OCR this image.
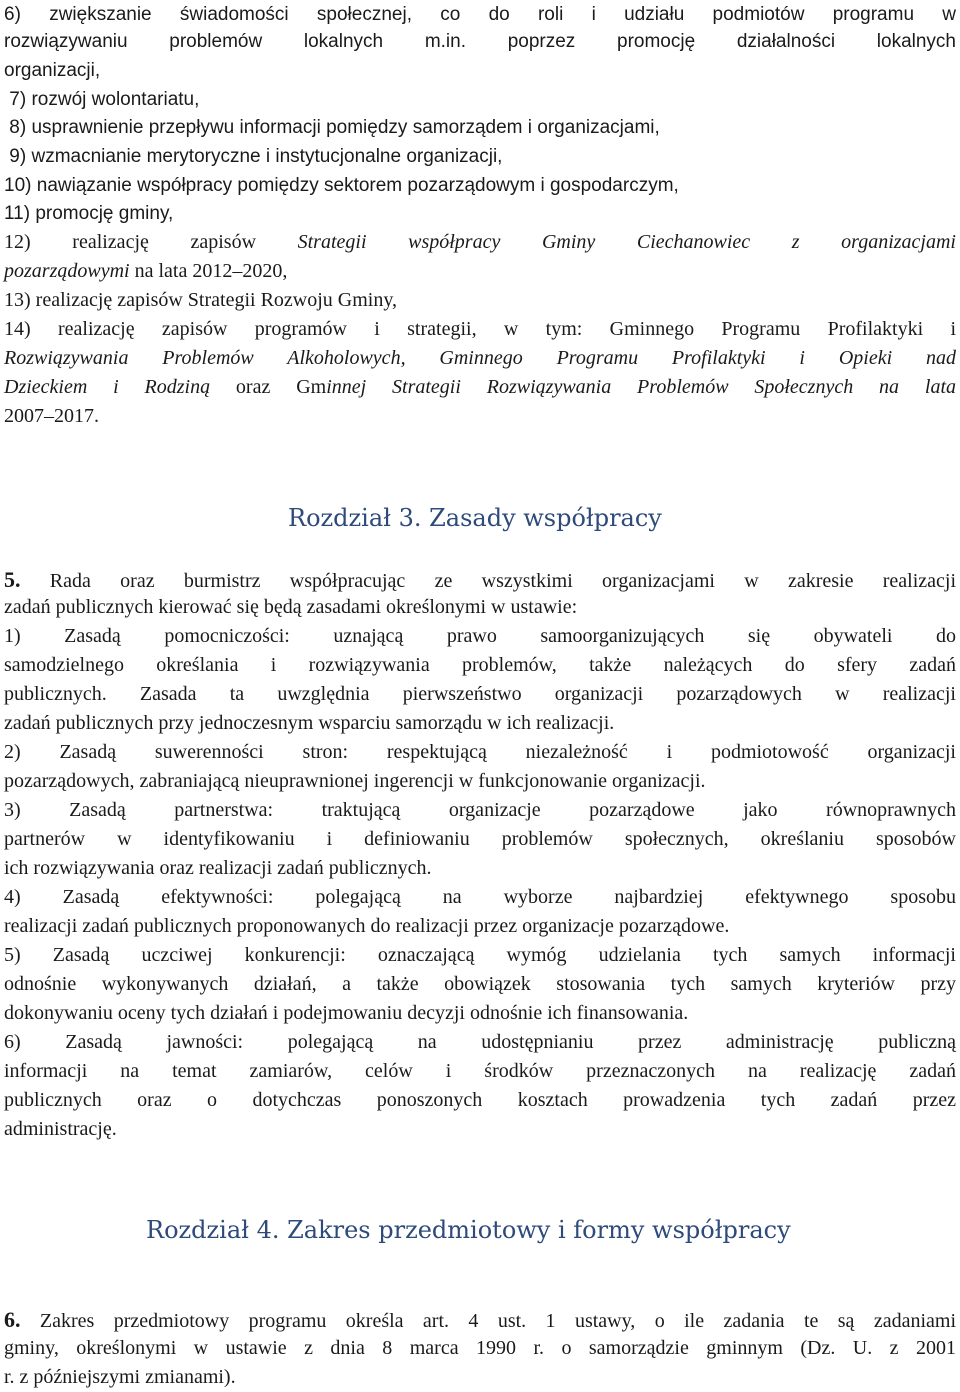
6) zwiększanie świadomości społecznej, co do roli i udziału podmiotów programu w

rozwiązywaniu problemów lokalnych m.in. poprzez promocję działalności lokalnych

organizacji,

7) rozwój wolontariatu,

8) usprawnienie przepływu informacji pomiędzy samorządem i organizacjami,

9) wzmacnianie merytoryczne i instytucjonalne organizacji,

10) nawiązanie współpracy pomiędzy sektorem pozarządowym i gospodarczym,

11) promocję gminy,

12) realizację zapisów Strategii współpracy Gminy Ciechanowiec z organizacjami

pozarządowymi na lata 2012–2020,

13) realizację zapisów Strategii Rozwoju Gminy,

14) realizację zapisów programów i strategii, w tym: Gminnego Programu Profilaktyki i

Rozwiązywania Problemów Alkoholowych, Gminnego Programu Profilaktyki i Opieki nad

Dzieckiem i Rodziną oraz Gminnej Strategii Rozwiązywania Problemów Społecznych na lata

2007–2017.

Rozdział 3. Zasady współpracy

5. Rada oraz burmistrz współpracując ze wszystkimi organizacjami w zakresie realizacji

zadań publicznych kierować się będą zasadami określonymi w ustawie:

1) Zasadą pomocniczości: uznającą prawo samoorganizujących się obywateli do

samodzielnego określania i rozwiązywania problemów, także należących do sfery zadań

publicznych. Zasada ta uwzględnia pierwszeństwo organizacji pozarządowych w realizacji

zadań publicznych przy jednoczesnym wsparciu samorządu w ich realizacji.

2) Zasadą suwerenności stron: respektującą niezależność i podmiotowość organizacji

pozarządowych, zabraniającą nieuprawnionej ingerencji w funkcjonowanie organizacji.

3) Zasadą partnerstwa: traktującą organizacje pozarządowe jako równoprawnych

partnerów w identyfikowaniu i definiowaniu problemów społecznych, określaniu sposobów

ich rozwiązywania oraz realizacji zadań publicznych.

4) Zasadą efektywności: polegającą na wyborze najbardziej efektywnego sposobu

realizacji zadań publicznych proponowanych do realizacji przez organizacje pozarządowe.

5) Zasadą uczciwej konkurencji: oznaczającą wymóg udzielania tych samych informacji

odnośnie wykonywanych działań, a także obowiązek stosowania tych samych kryteriów przy

dokonywaniu oceny tych działań i podejmowaniu decyzji odnośnie ich finansowania.

6) Zasadą jawności: polegającą na udostępnianiu przez administrację publiczną

informacji na temat zamiarów, celów i środków przeznaczonych na realizację zadań

publicznych oraz o dotychczas ponoszonych kosztach prowadzenia tych zadań przez

administrację.

Rozdział 4. Zakres przedmiotowy i formy współpracy

6. Zakres przedmiotowy programu określa art. 4 ust. 1 ustawy, o ile zadania te są zadaniami

gminy, określonymi w ustawie z dnia 8 marca 1990 r. o samorządzie gminnym (Dz. U. z 2001

r. z późniejszymi zmianami).
